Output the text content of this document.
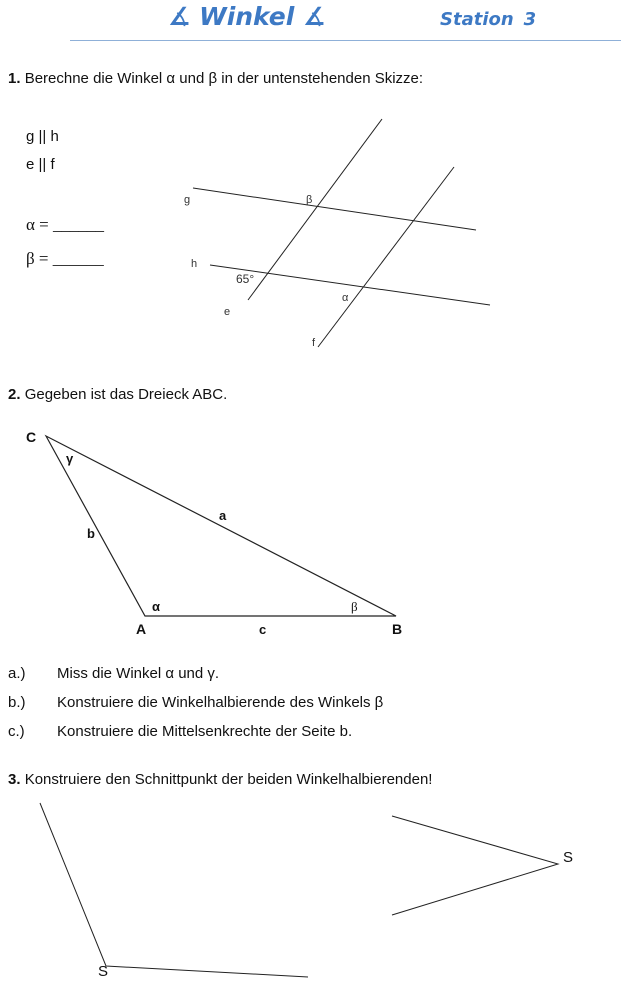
∡ Winkel ∡	Station 3
1. Berechne die Winkel α und β in der untenstehenden Skizze:
g || h
e || f
α = ______
β = ______
g
h
e
f
β
α
65°
C
A	B
a
b
c
α	β
γ
S
S
2. Gegeben ist das Dreieck ABC.
a.) Miss die Winkel α und γ.
b.) Konstruiere die Winkelhalbierende des Winkels β
c.) Konstruiere die Mittelsenkrechte der Seite b.
3. Konstruiere den Schnittpunkt der beiden Winkelhalbierenden!
